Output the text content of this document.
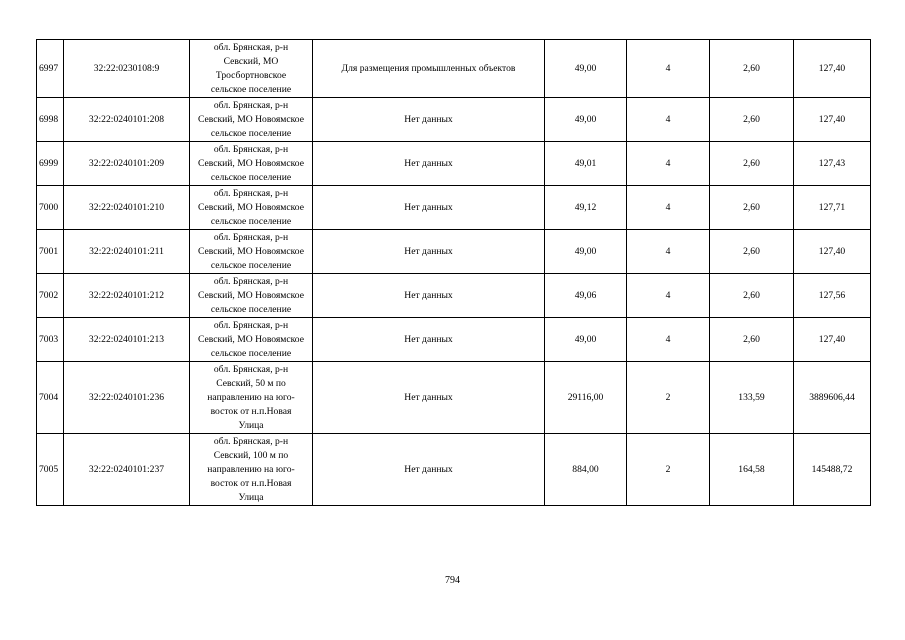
6997	32:22:0230108:9	обл. Брянская, р-н
Севский, МО
Тросбортновское
сельское поселение	Для размещения промышленных объектов	49,00	4	2,60	127,40
6998	32:22:0240101:208	обл. Брянская, р-н
Севский, МО Новоямское
сельское поселение	Нет данных	49,00	4	2,60	127,40
6999	32:22:0240101:209	обл. Брянская, р-н
Севский, МО Новоямское
сельское поселение	Нет данных	49,01	4	2,60	127,43
7000	32:22:0240101:210	обл. Брянская, р-н
Севский, МО Новоямское
сельское поселение	Нет данных	49,12	4	2,60	127,71
7001	32:22:0240101:211	обл. Брянская, р-н
Севский, МО Новоямское
сельское поселение	Нет данных	49,00	4	2,60	127,40
7002	32:22:0240101:212	обл. Брянская, р-н
Севский, МО Новоямское
сельское поселение	Нет данных	49,06	4	2,60	127,56
7003	32:22:0240101:213	обл. Брянская, р-н
Севский, МО Новоямское
сельское поселение	Нет данных	49,00	4	2,60	127,40
7004	32:22:0240101:236	обл. Брянская, р-н
Севский, 50 м по
направлению на юго-
восток от н.п.Новая
Улица	Нет данных	29116,00	2	133,59	3889606,44
7005	32:22:0240101:237	обл. Брянская, р-н
Севский, 100 м по
направлению на юго-
восток от н.п.Новая
Улица	Нет данных	884,00	2	164,58	145488,72
794
